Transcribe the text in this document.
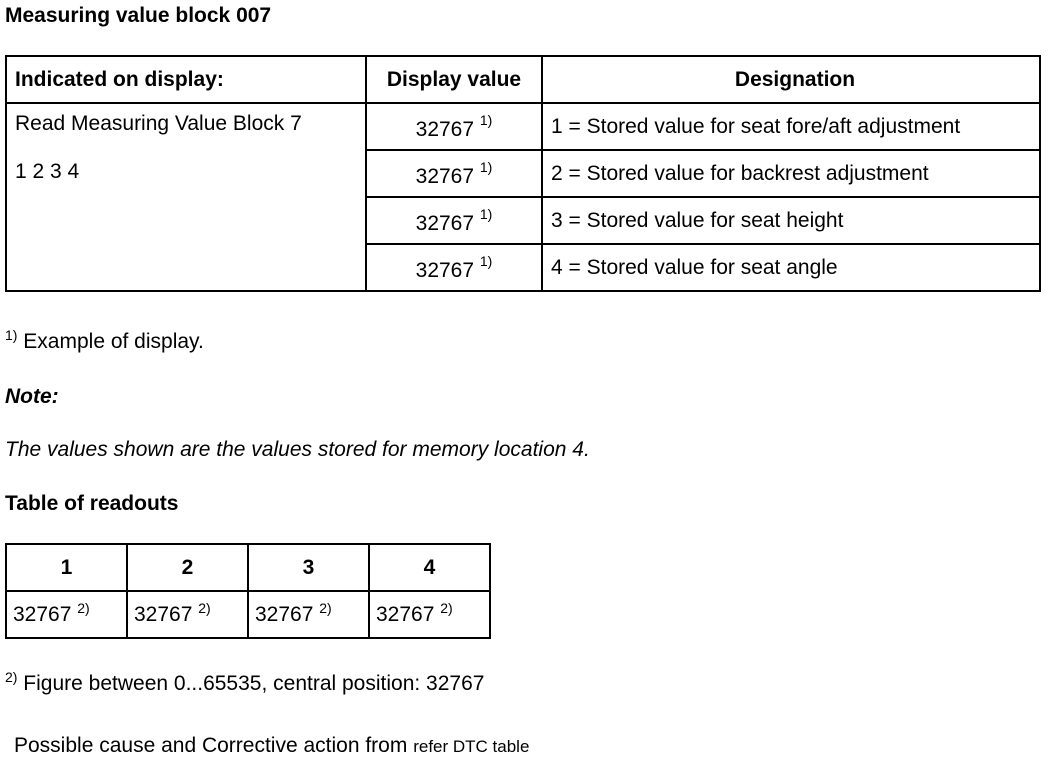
Measuring value block 007
Indicated on display:	Display value	Designation

Read Measuring Value Block 7
1 2 3 4	32767 $^{1)}$	1 = Stored value for seat fore/aft adjustment
	32767 $^{1)}$	2 = Stored value for backrest adjustment
	32767 $^{1)}$	3 = Stored value for seat height
	32767 $^{1)}$	4 = Stored value for seat angle
$^{1)}$ Example of display.
Note:
The values shown are the values stored for memory location 4.
Table of readouts
1	2	3	4
32767 $^{2)}$	32767 $^{2)}$	32767 $^{2)}$	32767 $^{2)}$
$^{2)}$ Figure between 0...65535, central position: 32767
Possible cause and Corrective action from refer DTC table
